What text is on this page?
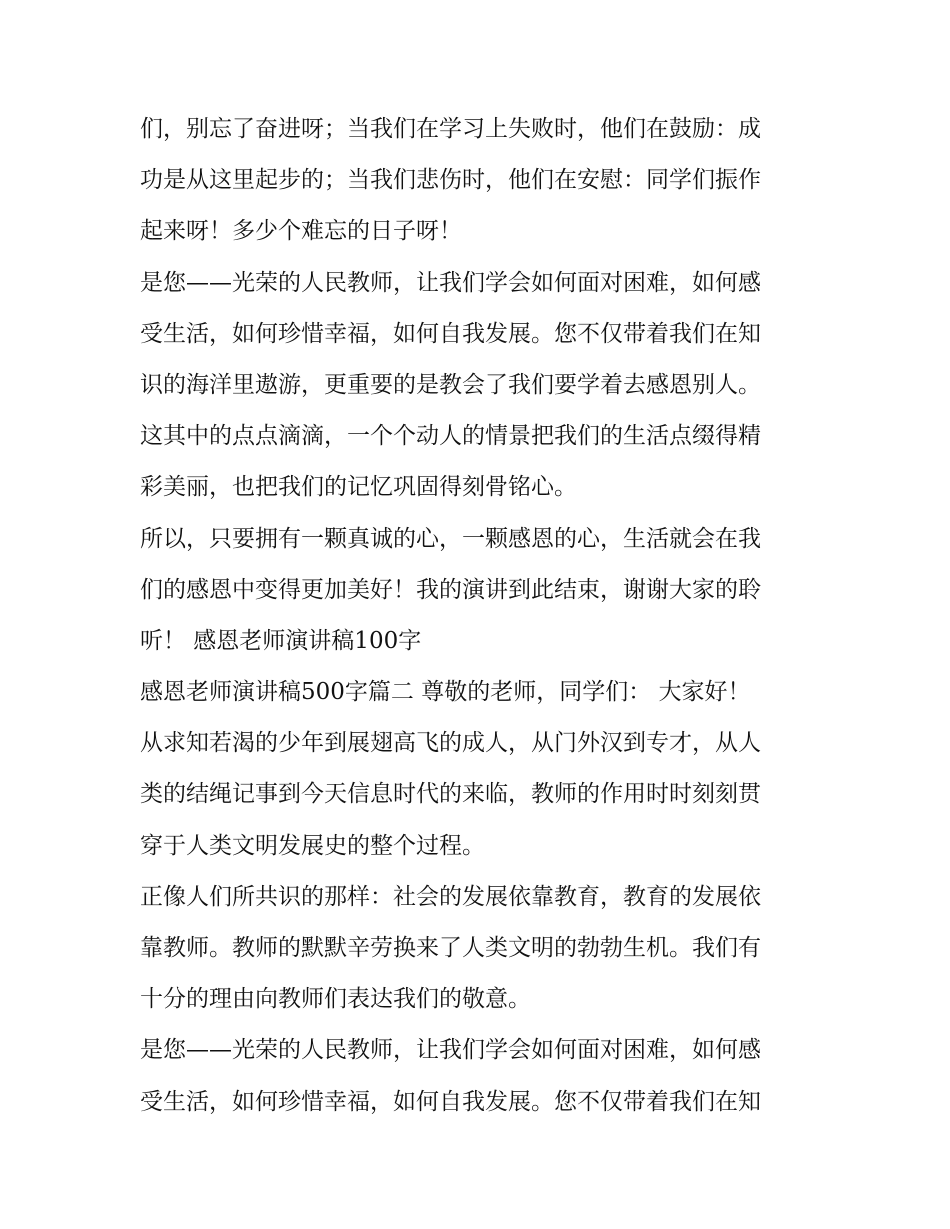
们，别忘了奋进呀；当我们在学习上失败时，他们在鼓励：成
功是从这里起步的；当我们悲伤时，他们在安慰：同学们振作
起来呀！多少个难忘的日子呀！
是您——光荣的人民教师，让我们学会如何面对困难，如何感
受生活，如何珍惜幸福，如何自我发展。您不仅带着我们在知
识的海洋里遨游，更重要的是教会了我们要学着去感恩别人。
这其中的点点滴滴，一个个动人的情景把我们的生活点缀得精
彩美丽，也把我们的记忆巩固得刻骨铭心。
所以，只要拥有一颗真诚的心，一颗感恩的心，生活就会在我
们的感恩中变得更加美好！我的演讲到此结束，谢谢大家的聆
听！ 感恩老师演讲稿100字
感恩老师演讲稿500字篇二 尊敬的老师，同学们： 大家好！
从求知若渴的少年到展翅高飞的成人，从门外汉到专才，从人
类的结绳记事到今天信息时代的来临，教师的作用时时刻刻贯
穿于人类文明发展史的整个过程。
正像人们所共识的那样：社会的发展依靠教育，教育的发展依
靠教师。教师的默默辛劳换来了人类文明的勃勃生机。我们有
十分的理由向教师们表达我们的敬意。
是您——光荣的人民教师，让我们学会如何面对困难，如何感
受生活，如何珍惜幸福，如何自我发展。您不仅带着我们在知
